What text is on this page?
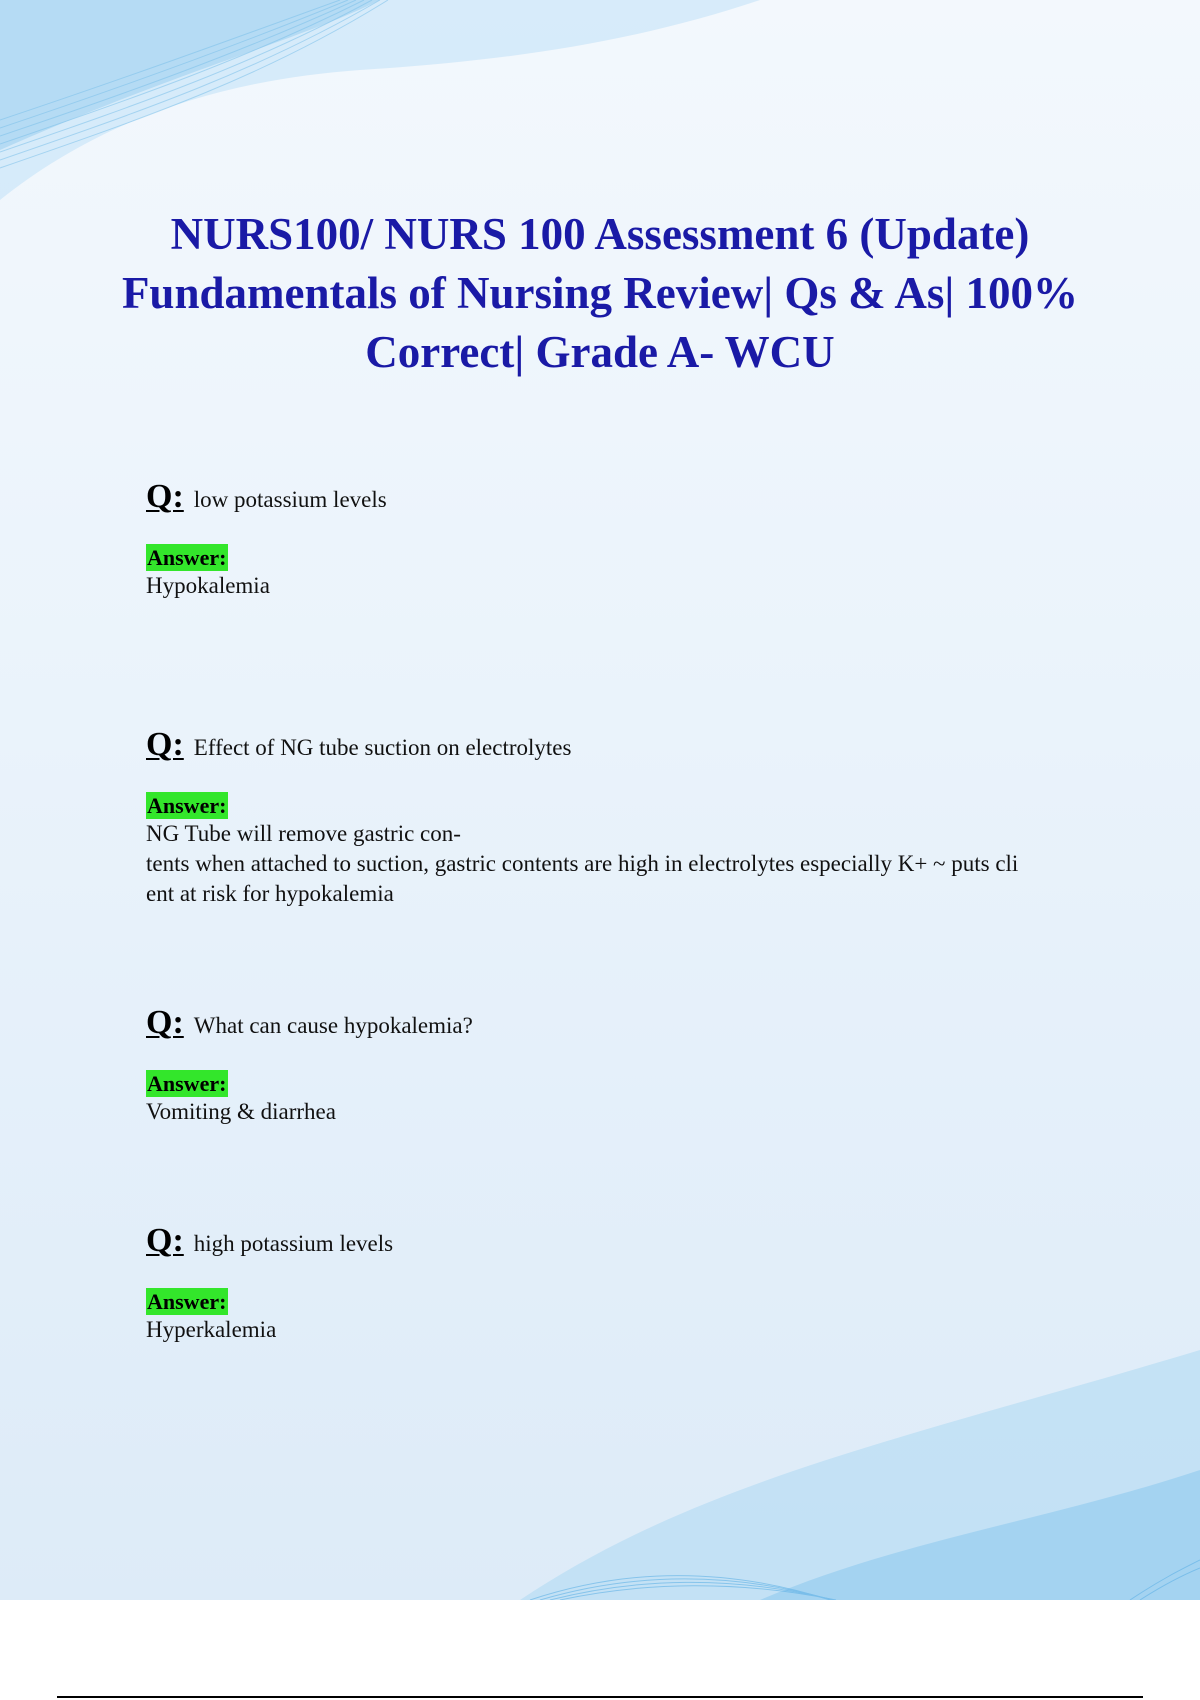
NURS100/ NURS 100 Assessment 6 (Update) Fundamentals of Nursing Review| Qs & As| 100% Correct| Grade A- WCU
Q: low potassium levels
Answer:
Hypokalemia
Q: Effect of NG tube suction on electrolytes
Answer:
NG Tube will remove gastric con-
tents when attached to suction, gastric contents are high in electrolytes especially K+ ~ puts cli
ent at risk for hypokalemia
Q: What can cause hypokalemia?
Answer:
Vomiting & diarrhea
Q: high potassium levels
Answer:
Hyperkalemia
